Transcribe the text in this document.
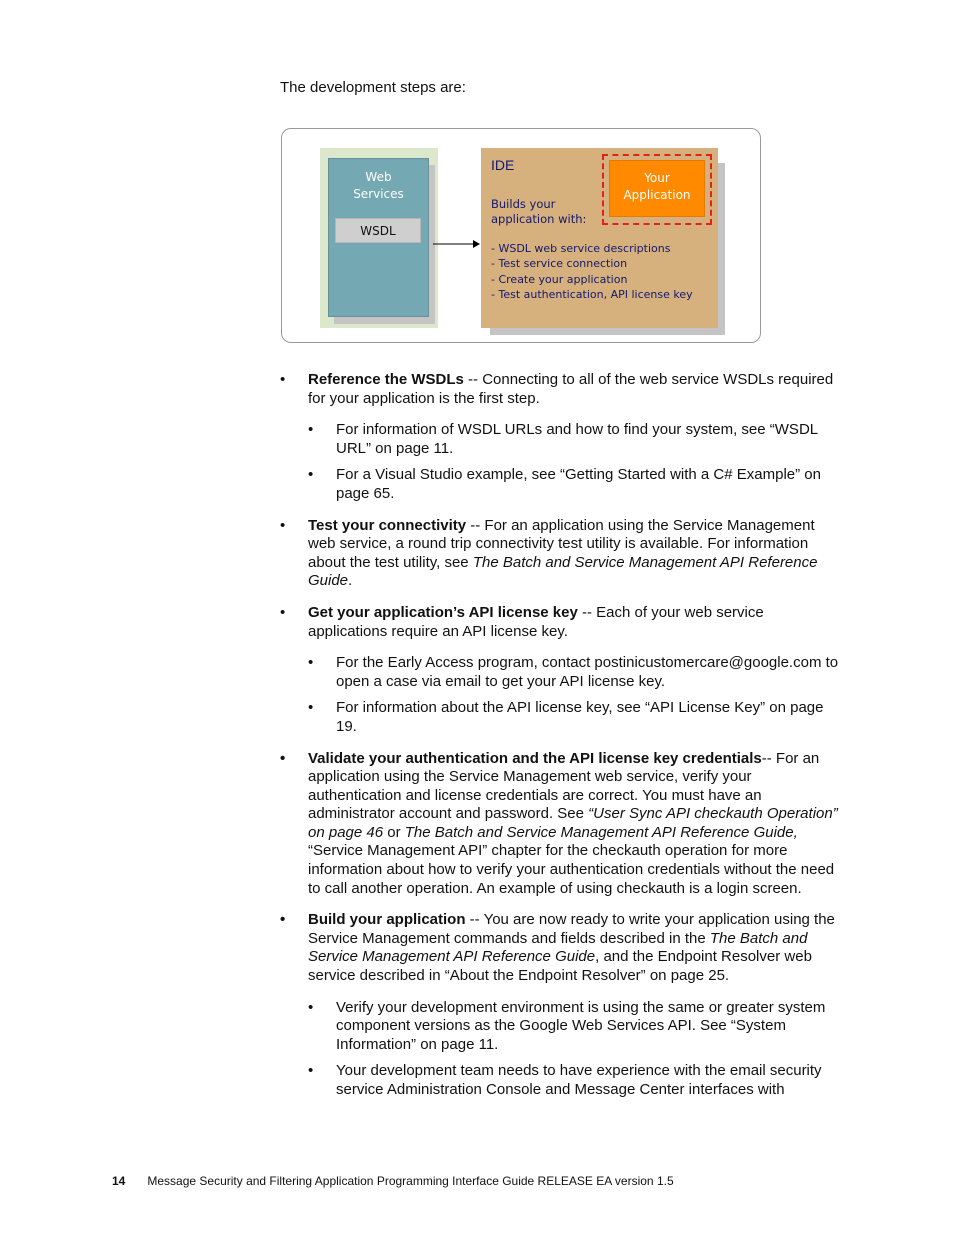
The development steps are:
Web
Services
WSDL
IDE
Builds your
application with:
- WSDL web service descriptions
- Test service connection
- Create your application
- Test authentication, API license key
Your
Application
• Reference the WSDLs -- Connecting to all of the web service WSDLs required for your application is the first step.

• For information of WSDL URLs and how to find your system, see “WSDL URL” on page 11.

• For a Visual Studio example, see “Getting Started with a C# Example” on page 65.

• Test your connectivity -- For an application using the Service Management web service, a round trip connectivity test utility is available. For information about the test utility, see The Batch and Service Management API Reference Guide.

• Get your application’s API license key -- Each of your web service applications require an API license key.

• For the Early Access program, contact postinicustomercare@google.com to open a case via email to get your API license key.

• For information about the API license key, see “API License Key” on page 19.

• Validate your authentication and the API license key credentials-- For an application using the Service Management web service, verify your authentication and license credentials are correct. You must have an administrator account and password. See “User Sync API checkauth Operation” on page 46 or The Batch and Service Management API Reference Guide, “Service Management API” chapter for the checkauth operation for more information about how to verify your authentication credentials without the need to call another operation. An example of using checkauth is a login screen.

• Build your application -- You are now ready to write your application using the Service Management commands and fields described in the The Batch and Service Management API Reference Guide, and the Endpoint Resolver web service described in “About the Endpoint Resolver” on page 25.

• Verify your development environment is using the same or greater system component versions as the Google Web Services API. See “System Information” on page 11.

• Your development team needs to have experience with the email security service Administration Console and Message Center interfaces with

14 Message Security and Filtering Application Programming Interface Guide RELEASE EA version 1.5
